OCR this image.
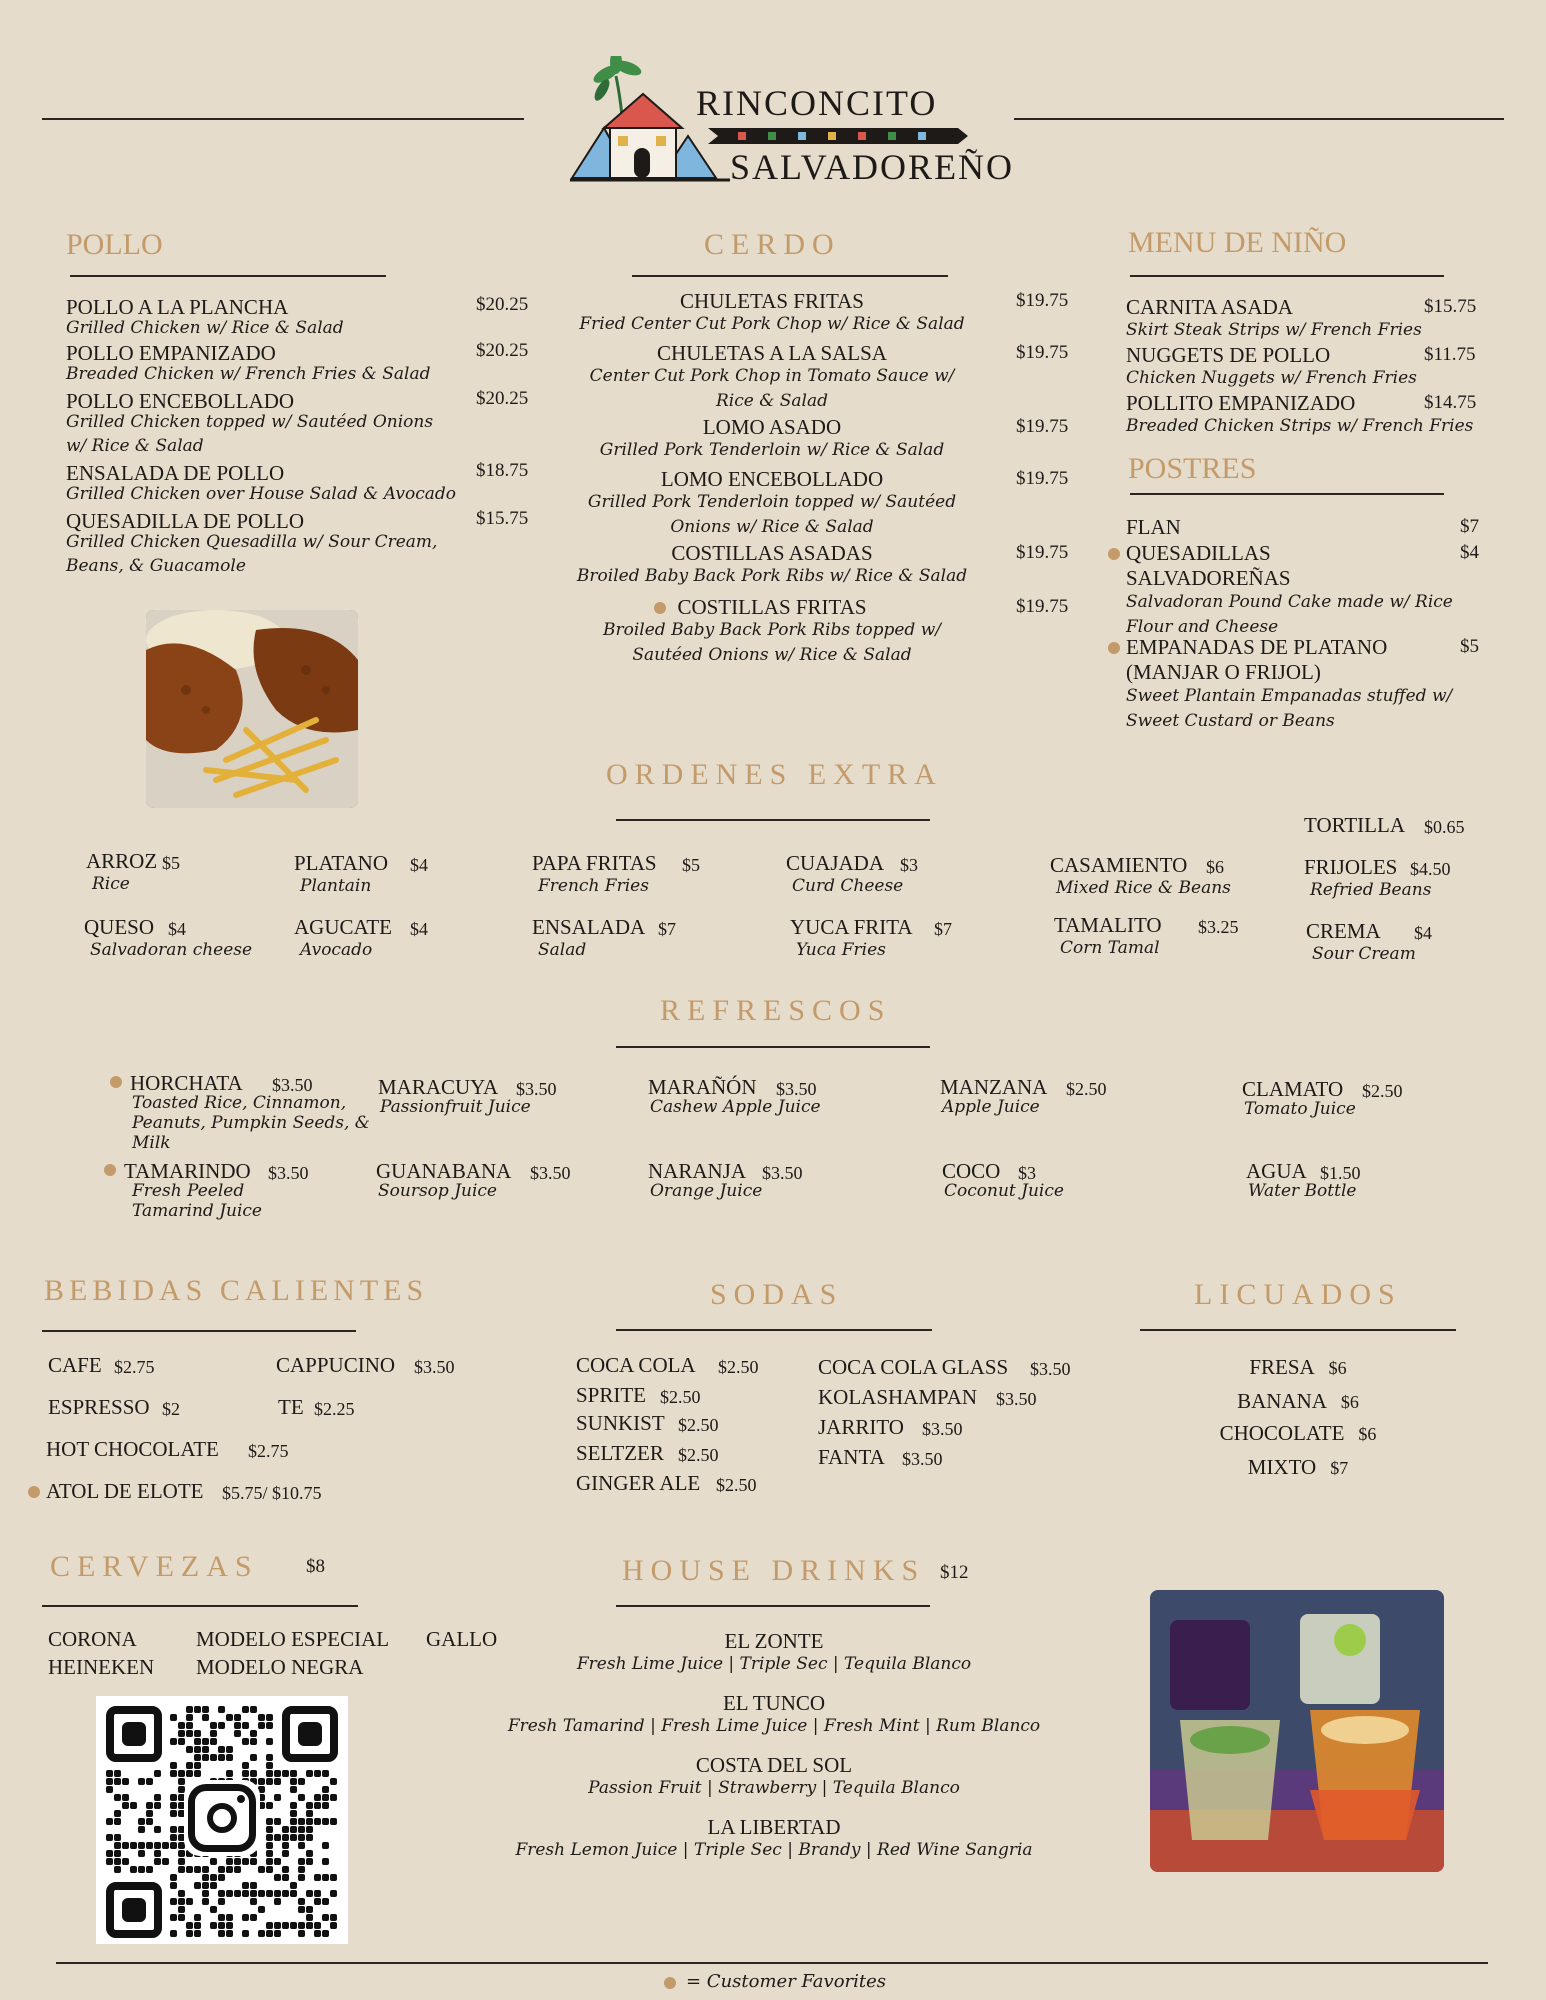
RINCONCITO
SALVADOREÑO
POLLO
POLLO A LA PLANCHA	$20.25
Grilled Chicken w/ Rice & Salad
POLLO EMPANIZADO	$20.25
Breaded Chicken w/ French Fries & Salad
POLLO ENCEBOLLADO	$20.25
Grilled Chicken topped w/ Sautéed Onions
w/ Rice & Salad
ENSALADA DE POLLO	$18.75
Grilled Chicken over House Salad & Avocado
QUESADILLA DE POLLO	$15.75
Grilled Chicken Quesadilla w/ Sour Cream,
Beans, & Guacamole
CERDO
CHULETAS FRITAS	$19.75
Fried Center Cut Pork Chop w/ Rice & Salad
CHULETAS A LA SALSA	$19.75
Center Cut Pork Chop in Tomato Sauce w/
Rice & Salad
LOMO ASADO	$19.75
Grilled Pork Tenderloin w/ Rice & Salad
LOMO ENCEBOLLADO	$19.75
Grilled Pork Tenderloin topped w/ Sautéed
Onions w/ Rice & Salad
COSTILLAS ASADAS	$19.75
Broiled Baby Back Pork Ribs w/ Rice & Salad
COSTILLAS FRITAS	$19.75
Broiled Baby Back Pork Ribs topped w/
Sautéed Onions w/ Rice & Salad
MENU DE NIÑO
CARNITA ASADA	$15.75
Skirt Steak Strips w/ French Fries
NUGGETS DE POLLO	$11.75
Chicken Nuggets w/ French Fries
POLLITO EMPANIZADO	$14.75
Breaded Chicken Strips w/ French Fries
POSTRES
FLAN	$7
QUESADILLAS
SALVADOREÑAS
$4
Salvadoran Pound Cake made w/ Rice
Flour and Cheese
EMPANADAS DE PLATANO
(MANJAR O FRIJOL)
$5
Sweet Plantain Empanadas stuffed w/
Sweet Custard or Beans
ORDENES EXTRA
ARROZ $5
Rice
PLATANO $4
Plantain
PAPA FRITAS $5
French Fries
CUAJADA $3
Curd Cheese
CASAMIENTO $6
Mixed Rice & Beans
TORTILLA $0.65
FRIJOLES $4.50
Refried Beans
QUESO $4
Salvadoran cheese
AGUCATE $4
Avocado
ENSALADA $7
Salad
YUCA FRITA $7
Yuca Fries
TAMALITO $3.25
Corn Tamal
CREMA $4
Sour Cream
REFRESCOS
HORCHATA $3.50
Toasted Rice, Cinnamon,
Peanuts, Pumpkin Seeds, &
Milk
MARACUYA $3.50
Passionfruit Juice
MARAÑÓN $3.50
Cashew Apple Juice
MANZANA $2.50
Apple Juice
CLAMATO $2.50
Tomato Juice
TAMARINDO $3.50
Fresh Peeled
Tamarind Juice
GUANABANA $3.50
Soursop Juice
NARANJA $3.50
Orange Juice
COCO $3
Coconut Juice
AGUA $1.50
Water Bottle
BEBIDAS CALIENTES
CAFE $2.75	CAPPUCINO $3.50
ESPRESSO $2	TE $2.25
HOT CHOCOLATE $2.75
ATOL DE ELOTE $5.75/ $10.75
SODAS
COCA COLA $2.50
SPRITE $2.50
SUNKIST $2.50
SELTZER $2.50
GINGER ALE $2.50
COCA COLA GLASS $3.50
KOLASHAMPAN $3.50
JARRITO $3.50
FANTA $3.50
LICUADOS
FRESA $6
BANANA $6
CHOCOLATE $6
MIXTO $7
CERVEZAS $8
CORONA	MODELO ESPECIAL GALLO
HEINEKEN MODELO NEGRA
HOUSE DRINKS $12
EL ZONTE
Fresh Lime Juice | Triple Sec | Tequila Blanco
EL TUNCO
Fresh Tamarind | Fresh Lime Juice | Fresh Mint | Rum Blanco
COSTA DEL SOL
Passion Fruit | Strawberry | Tequila Blanco
LA LIBERTAD
Fresh Lemon Juice | Triple Sec | Brandy | Red Wine Sangria
= Customer Favorites
